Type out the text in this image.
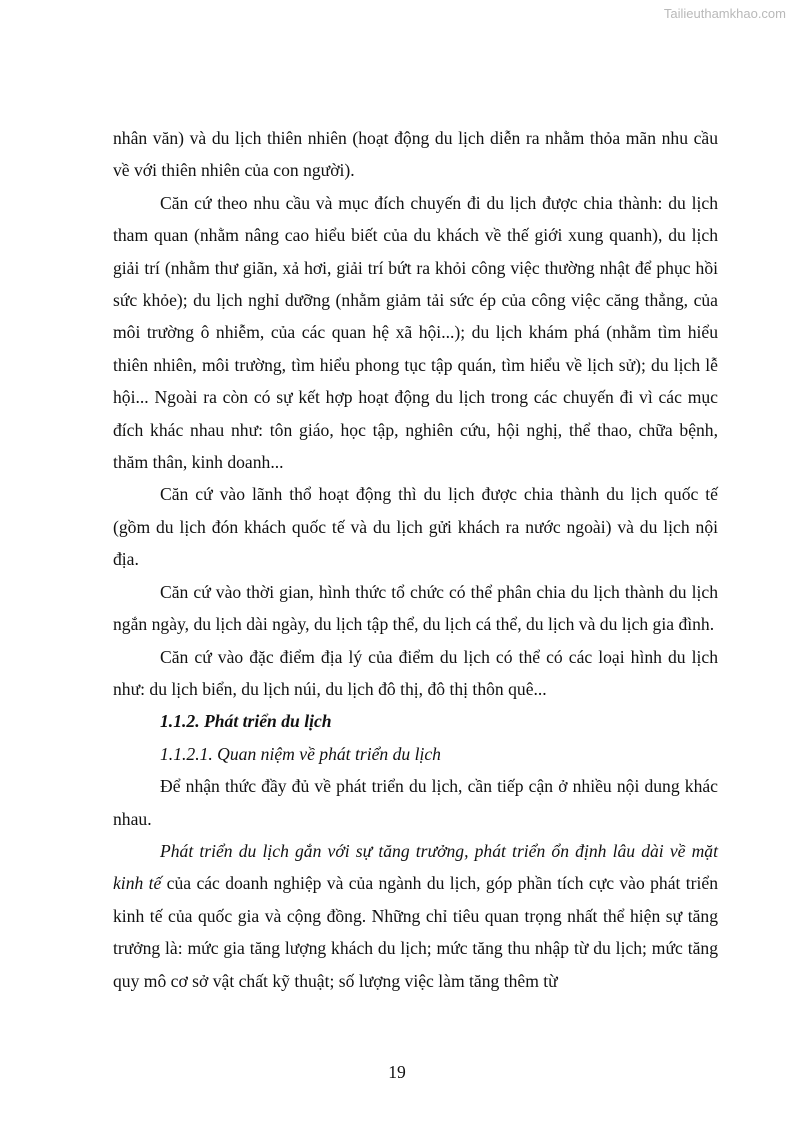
Tailieuthamkhao.com

nhân văn) và du lịch thiên nhiên (hoạt động du lịch diễn ra nhằm thỏa mãn nhu cầu về với thiên nhiên của con người).

Căn cứ theo nhu cầu và mục đích chuyến đi du lịch được chia thành: du lịch tham quan (nhằm nâng cao hiểu biết của du khách về thế giới xung quanh), du lịch giải trí (nhằm thư giãn, xả hơi, giải trí bứt ra khỏi công việc thường nhật để phục hồi sức khỏe); du lịch nghỉ dưỡng (nhằm giảm tải sức ép của công việc căng thẳng, của môi trường ô nhiễm, của các quan hệ xã hội...); du lịch khám phá (nhằm tìm hiểu thiên nhiên, môi trường, tìm hiểu phong tục tập quán, tìm hiểu về lịch sử); du lịch lễ hội... Ngoài ra còn có sự kết hợp hoạt động du lịch trong các chuyến đi vì các mục đích khác nhau như: tôn giáo, học tập, nghiên cứu, hội nghị, thể thao, chữa bệnh, thăm thân, kinh doanh...

Căn cứ vào lãnh thổ hoạt động thì du lịch được chia thành du lịch quốc tế (gồm du lịch đón khách quốc tế và du lịch gửi khách ra nước ngoài) và du lịch nội địa.

Căn cứ vào thời gian, hình thức tổ chức có thể phân chia du lịch thành du lịch ngắn ngày, du lịch dài ngày, du lịch tập thể, du lịch cá thể, du lịch và du lịch gia đình.

Căn cứ vào đặc điểm địa lý của điểm du lịch có thể có các loại hình du lịch như: du lịch biển, du lịch núi, du lịch đô thị, đô thị thôn quê...

1.1.2. Phát triển du lịch

1.1.2.1. Quan niệm về phát triển du lịch

Để nhận thức đầy đủ về phát triển du lịch, cần tiếp cận ở nhiều nội dung khác nhau.

Phát triển du lịch gắn với sự tăng trưởng, phát triển ổn định lâu dài về mặt kinh tế của các doanh nghiệp và của ngành du lịch, góp phần tích cực vào phát triển kinh tế của quốc gia và cộng đồng. Những chỉ tiêu quan trọng nhất thể hiện sự tăng trưởng là: mức gia tăng lượng khách du lịch; mức tăng thu nhập từ du lịch; mức tăng quy mô cơ sở vật chất kỹ thuật; số lượng việc làm tăng thêm từ

19
